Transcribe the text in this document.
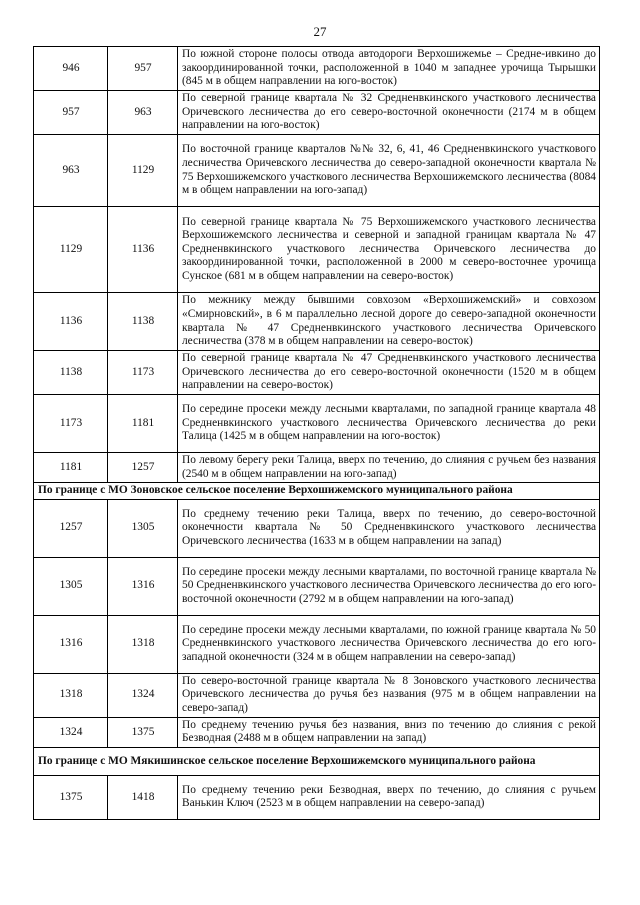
27
946	957	По южной стороне полосы отвода автодороги Верхошижемье – Средне-ивкино до закоординированной точки, расположенной в 1040 м западнее урочища Тырышки (845 м в общем направлении на юго-восток)
957	963	По северной границе квартала № 32 Средненвкинского участкового лесничества Оричевского лесничества до его северо-восточной оконечности (2174 м в общем направлении на юго-восток)
963	1129	По восточной границе кварталов №№ 32, 6, 41, 46 Средненвкинского участкового лесничества Оричевского лесничества до северо-западной оконечности квартала № 75 Верхошижемского участкового лесничества Верхошижемского лесничества (8084 м в общем направлении на юго-запад)
1129	1136	По северной границе квартала № 75 Верхошижемского участкового лесничества Верхошижемского лесничества и северной и западной границам квартала № 47 Средненвкинского участкового лесничества Оричевского лесничества до закоординированной точки, расположенной в 2000 м северо-восточнее урочища Сунское (681 м в общем направлении на северо-восток)
1136	1138	По межнику между бывшими совхозом «Верхошижемский» и совхозом «Смирновский», в 6 м параллельно лесной дороге до северо-западной оконечности квартала № 47 Средненвкинского участкового лесничества Оричевского лесничества (378 м в общем направлении на северо-восток)
1138	1173	По северной границе квартала № 47 Средненвкинского участкового лесничества Оричевского лесничества до его северо-восточной оконечности (1520 м в общем направлении на северо-восток)
1173	1181	По середине просеки между лесными кварталами, по западной границе квартала 48 Средненвкинского участкового лесничества Оричевского лесничества до реки Талица (1425 м в общем направлении на юго-восток)
1181	1257	По левому берегу реки Талица, вверх по течению, до слияния с ручьем без названия (2540 м в общем направлении на юго-запад)
По границе с МО Зоновское сельское поселение Верхошижемского муниципального района		
1257	1305	По среднему течению реки Талица, вверх по течению, до северо-восточной оконечности квартала № 50 Средненвкинского участкового лесничества Оричевского лесничества (1633 м в общем направлении на запад)
1305	1316	По середине просеки между лесными кварталами, по восточной границе квартала № 50 Средненвкинского участкового лесничества Оричевского лесничества до его юго-восточной оконечности (2792 м в общем направлении на юго-запад)
1316	1318	По середине просеки между лесными кварталами, по южной границе квартала № 50 Средненвкинского участкового лесничества Оричевского лесничества до его юго-западной оконечности (324 м в общем направлении на северо-запад)
1318	1324	По северо-восточной границе квартала № 8 Зоновского участкового лесничества Оричевского лесничества до ручья без названия (975 м в общем направлении на северо-запад)
1324	1375	По среднему течению ручья без названия, вниз по течению до слияния с рекой Безводная (2488 м в общем направлении на запад)
По границе с МО Мякишинское сельское поселение Верхошижемского муниципального района		
1375	1418	По среднему течению реки Безводная, вверх по течению, до слияния с ручьем Ванькин Ключ (2523 м в общем направлении на северо-запад)
